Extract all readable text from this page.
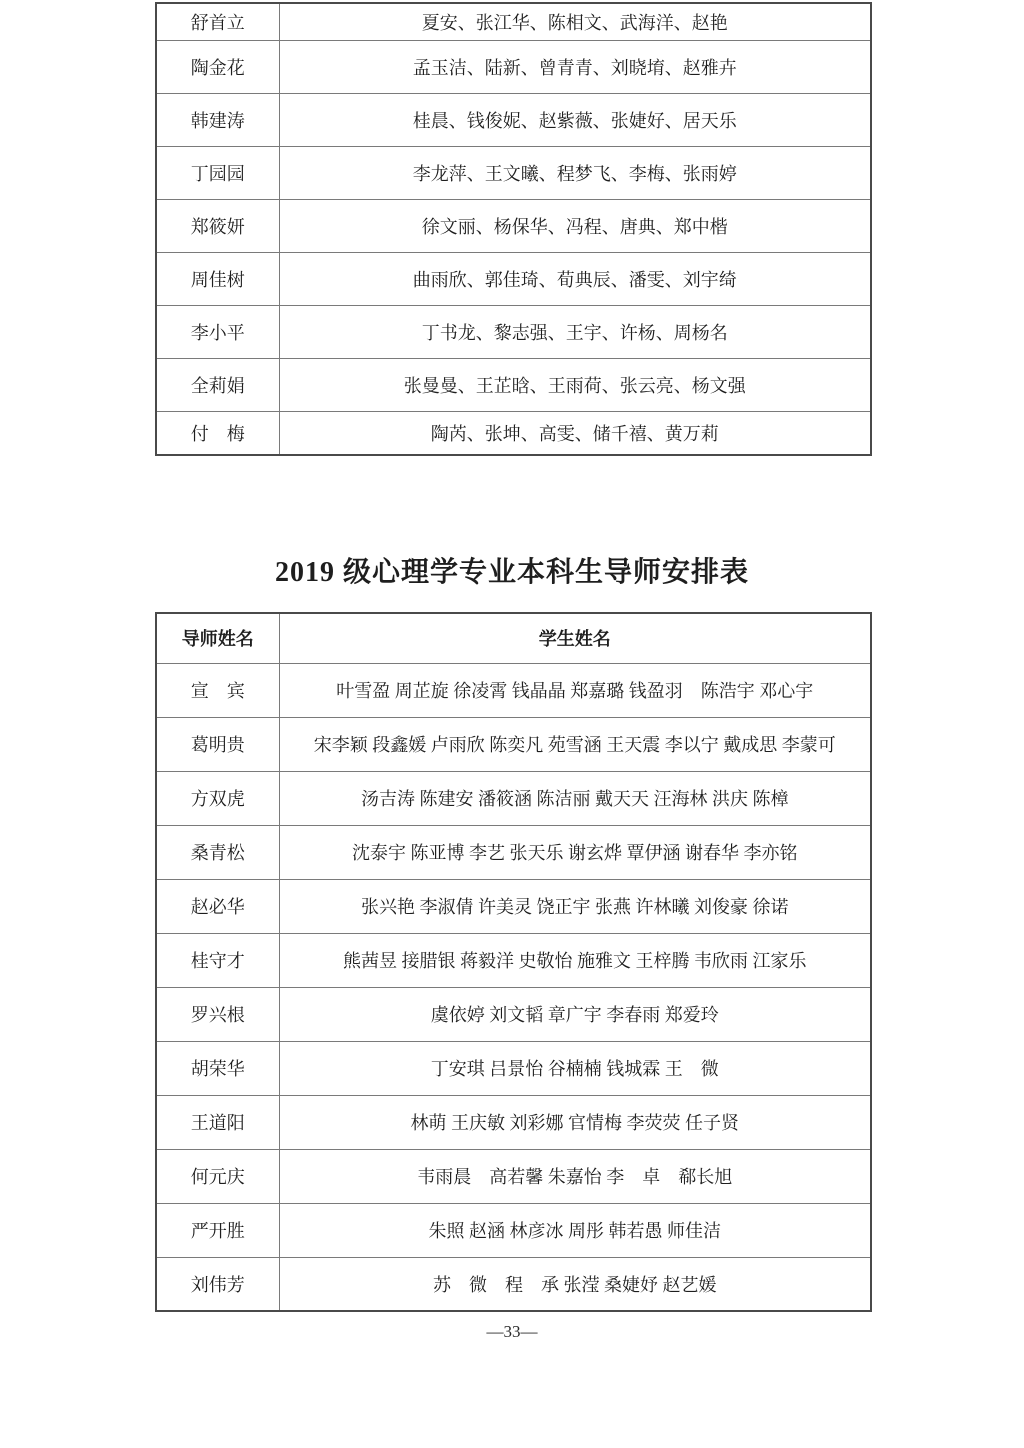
舒首立	夏安、张江华、陈相文、武海洋、赵艳
陶金花	孟玉洁、陆新、曾青青、刘晓堉、赵雅卉
韩建涛	桂晨、钱俊妮、赵紫薇、张婕好、居天乐
丁园园	李龙萍、王文曦、程梦飞、李梅、张雨婷
郑筱妍	徐文丽、杨保华、冯程、唐典、郑中楷
周佳树	曲雨欣、郭佳琦、荀典辰、潘雯、刘宇绮
李小平	丁书龙、黎志强、王宇、许杨、周杨名
全莉娟	张曼曼、王芷晗、王雨荷、张云亮、杨文强
付　梅	陶芮、张坤、高雯、储千禧、黄万莉
2019 级心理学专业本科生导师安排表
导师姓名	学生姓名
宣　宾	叶雪盈 周芷旋 徐凌霄 钱晶晶 郑嘉璐 钱盈羽　陈浩宇 邓心宇
葛明贵	宋李颖 段鑫媛 卢雨欣 陈奕凡 苑雪涵 王天震 李以宁 戴成思 李蒙可
方双虎	汤吉涛 陈建安 潘筱涵 陈洁丽 戴天天 汪海林 洪庆 陈樟
桑青松	沈泰宇 陈亚博 李艺 张天乐 谢玄烨 覃伊涵 谢春华 李亦铭
赵必华	张兴艳 李淑倩 许美灵 饶正宇 张燕 许林曦 刘俊豪 徐诺
桂守才	熊茜昱 接腊银 蒋毅洋 史敬怡 施雅文 王梓腾 韦欣雨 江家乐
罗兴根	虞依婷 刘文韬 章广宇 李春雨 郑爱玲
胡荣华	丁安琪 吕景怡 谷楠楠 钱城霖 王　微
王道阳	林萌 王庆敏 刘彩娜 官情梅 李荧荧 任子贤
何元庆	韦雨晨　高若馨 朱嘉怡 李　卓　郗长旭
严开胜	朱照 赵涵 林彦冰 周彤 韩若愚 师佳洁
刘伟芳	苏　微　程　承 张滢 桑婕妤 赵艺媛
—33—
